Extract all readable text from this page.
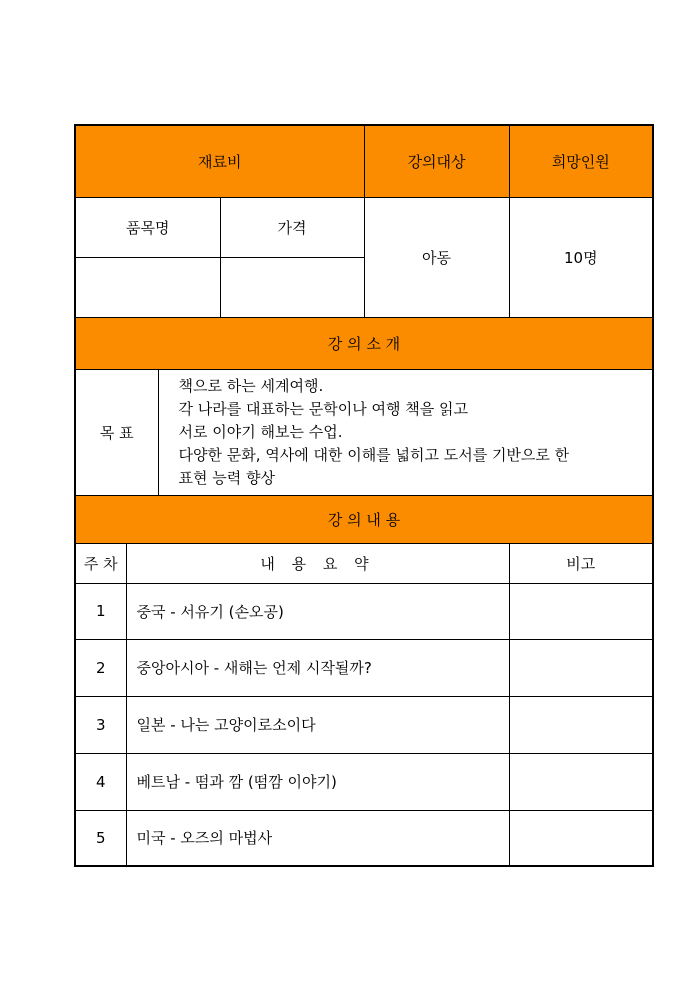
재료비				강의대상	희망인원
품목명			가격	아동	10명

강 의 소 개					
목 표		책으로 하는 세계여행.
각 나라를 대표하는 문학이나 여행 책을 읽고
서로 이야기 해보는 수업.
다양한 문화, 역사에 대한 이해를 넓히고 도서를 기반으로 한
표현 능력 향상			

강 의 내 용					
주 차	내 용 요 약				비고
1	중국 - 서유기 (손오공)				
2	중앙아시아 - 새해는 언제 시작될까?				
3	일본 - 나는 고양이로소이다				
4	베트남 - 떰과 깜 (떰깜 이야기)				
5	미국 - 오즈의 마법사				
